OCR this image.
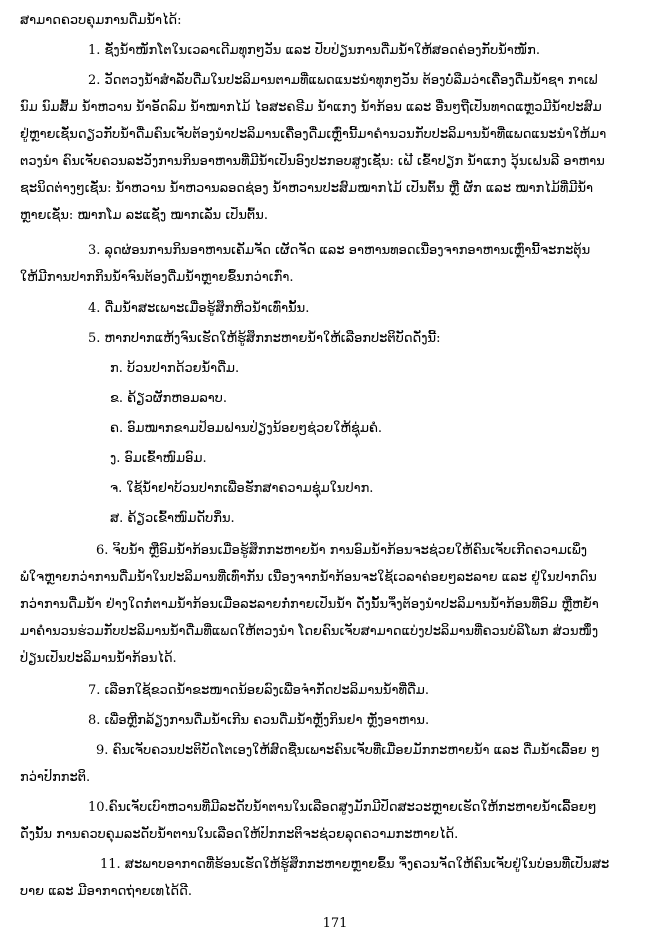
ສາມາດຄວບຄຸມການດື່ມນ້ຳໄດ້:
1. ຊັ່ງນ້ຳໜັກໂຕໃນເວລາເດີມທຸກໆວັນ ແລະ ປັບປ່ຽນການດື່ມນ້ຳໃຫ້ສອດຄ່ອງກັບນ້ຳໜັກ.
2. ວັດຕວງນ້ຳສຳລັບດື່ມໃນປະລິມານຕາມທີ່ແພດແນະນຳທຸກໆວັນ ຕ້ອງບໍ່ລືມວ່າເຄື່ອງດື່ມນ້ຳຊາ ກາເຟ
ນົມ ນົມສົ້ມ ນ້ຳຫວານ ນ້ຳອັດລົມ ນ້ຳໝາກໄມ້ ໄອສະຄຣີມ ນ້ຳແກງ ນ້ຳກ້ອນ ແລະ ອື່ນໆຖືເປັນທາດແຫຼວມີນ້ຳປະສົມ
ຢູ່ຫຼາຍເຊັ່ນດຽວກັບນ້ຳດື່ມຄົນເຈັບຕ້ອງນຳປະລິມານເຄື່ອງດື່ມເຫຼົ່ານີ້ມາຄຳນວນກັບປະລິມານນ້ຳທີ່ແພດແນະນຳໃຫ້ມາ
ຕວງນຳ ຄົນເຈັບຄວນລະວັງການກິນອາຫານທີ່ມີນ້ຳເປັນອົງປະກອບສູງເຊັ່ນ: ເຝີ ເຂົ້າປຽກ ນ້ຳແກງ ວຸ້ນເຝນລີ ອາຫານ
ຊະນິດຕ່າງໆເຊັ່ນ: ນ້ຳຫວານ ນ້ຳຫວານລອດຊ່ອງ ນ້ຳຫວານປະສົມໝາກໄມ້ ເປັນຕົ້ນ ຫຼື ຜັກ ແລະ ໝາກໄມ້ທີ່ມີນ້ຳ
ຫຼາຍເຊັ່ນ: ໝາກໂມ ລະແຊັ່ງ ໝາກເລັ່ນ ເປັນຕົ້ນ.
3. ລຸດຜ່ອນການກິນອາຫານເຄັມຈັດ ເຜັດຈັດ ແລະ ອາຫານທອດເນື່ອງຈາກອາຫານເຫຼົ່ານີ້ຈະກະຕຸ້ນ
ໃຫ້ມີການປາກກິນນ້ຳຈົນຕ້ອງດື່ມນ້ຳຫຼາຍຂຶ້ນກວ່າເກົ່າ.
4. ດື່ມນ້ຳສະເພາະເມື່ອຮູ້ສຶກຫິວນ້ຳເທົ່ານັ້ນ.
5. ຫາກປາກແຫ້ງຈົນເຮັດໃຫ້ຮູ້ສຶກກະຫາຍນ້ຳໃຫ້ເລືອກປະຕິບັດດັ່ງນີ້:
ກ. ບ້ວນປາກດ້ວຍນ້ຳດື່ມ.
ຂ. ຄ້ຽວຜັກຫອມລາບ.
ຄ. ອົມໝາກຂາມປ້ອມຝານປ່ຽງນ້ອຍໆຊ່ວຍໃຫ້ຊຸ່ມຄໍ.
ງ. ອົມເຂົ້າໜົມອົມ.
ຈ. ໃຊ້ນ້ຳຢາບ້ວນປາກເພື່ອຮັກສາຄວາມຊຸ່ມໃນປາກ.
ສ. ຄ້ຽວເຂົ້າໜົມດັບກິ່ນ.
6. ຈິບນ້ຳ ຫຼືອົມນ້ຳກ້ອນເມື່ອຮູ້ສຶກກະຫາຍນ້ຳ ການອົມນ້ຳກ້ອນຈະຊ່ວຍໃຫ້ຄົນເຈັບເກີດຄວາມເພິ່ງ
ພໍໃຈຫຼາຍກວ່າການດື່ມນ້ຳໃນປະລິມານທີ່ເທົ່າກັນ ເນື່ອງຈາກນ້ຳກ້ອນຈະໃຊ້ເວລາຄ່ອຍໆລະລາຍ ແລະ ຢູ່ໃນປາກດົນ
ກວ່າການດື່ມນ້ຳ ຢ່າງໃດກໍ່ຕາມນ້ຳກ້ອນເມື່ອລະລາຍກໍ່ກາຍເປັນນ້ຳ ດັ່ງນັ້ນຈຶ່ງຕ້ອງນຳປະລິມານນ້ຳກ້ອນທີ່ອົມ ຫຼືຫຍໍ້າ
ມາຄຳນວນຮ່ວມກັບປະລິມານນ້ຳດື່ມທີ່ແພດໃຫ້ຕວງນຳ ໂດຍຄົນເຈັບສາມາດແບ່ງປະລິມານທີ່ຄວນບໍລິໂພກ ສ່ວນໜຶ່ງ
ປ່ຽນເປັນປະລິມານນ້ຳກ້ອນໄດ້.
7. ເລືອກໃຊ້ຂວດນ້ຳຂະໜາດນ້ອຍລົງເພື່ອຈຳກັດປະລິມານນ້ຳທີ່ດື່ມ.
8. ເພື່ອຫຼີກລ້ຽງການດື່ມນ້ຳເກີນ ຄວນດື່ມນ້ຳຫຼັງກິນຢາ ຫຼັງອາຫານ.
9. ຄົນເຈັບຄວນປະຕິບັດໂຕເອງໃຫ້ສົດຊື່ນເພາະຄົນເຈັບທີ່ເມື່ອຍມັກກະຫາຍນ້ຳ ແລະ ດື່ມນ້ຳເລື້ອຍ ໆ
ກວ່າປົກກະຕິ.
10.ຄົນເຈັບເບົາຫວານທີ່ມີລະດັບນ້ຳຕານໃນເລືອດສູງມັກມີປັດສະວະຫຼາຍເຮັດໃຫ້ກະຫາຍນ້ຳເລື້ອຍໆ
ດັ່ງນັ້ນ ການຄວບຄຸມລະດັບນ້ຳຕານໃນເລືອດໃຫ້ປົກກະຕິຈະຊ່ວຍລຸດຄວາມກະຫາຍໄດ້.
11. ສະພາບອາກາດທີ່ຮ້ອນເຮັດໃຫ້ຮູ້ສຶກກະຫາຍຫຼາຍຂຶ້ນ ຈຶ່ງຄວນຈັດໃຫ້ຄົນເຈັບຢູ່ໃນບ່ອນທີ່ເປັນສະ
ບາຍ ແລະ ມີອາກາດຖ່າຍເທໄດ້ດີ.
171
